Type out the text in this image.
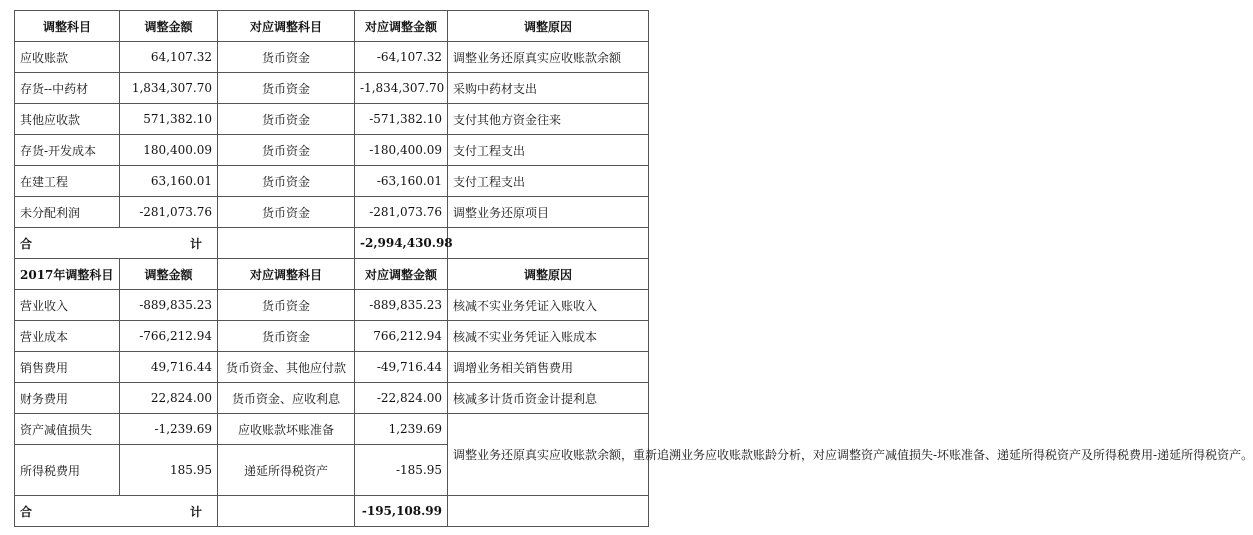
调整科目	调整金额	对应调整科目	对应调整金额	调整原因
应收账款	64,107.32	货币资金	-64,107.32	调整业务还原真实应收账款余额
存货--中药材	1,834,307.70	货币资金	-1,834,307.70	采购中药材支出
其他应收款	571,382.10	货币资金	-571,382.10	支付其他方资金往来
存货-开发成本	180,400.09	货币资金	-180,400.09	支付工程支出
在建工程	63,160.01	货币资金	-63,160.01	支付工程支出
未分配利润	-281,073.76	货币资金	-281,073.76	调整业务还原项目

合 计			-2,994,430.98	
2017年调整科目	调整金额	对应调整科目	对应调整金额	调整原因
营业收入	-889,835.23	货币资金	-889,835.23	核减不实业务凭证入账收入
营业成本	-766,212.94	货币资金	766,212.94	核减不实业务凭证入账成本
销售费用	49,716.44	货币资金、其他应付款	-49,716.44	调增业务相关销售费用
财务费用	22,824.00	货币资金、应收利息	-22,824.00	核减多计货币资金计提利息
资产减值损失	-1,239.69	应收账款坏账准备	1,239.69	调整业务还原真实应收账款余额，重新追溯业务应收账款账龄分析，对应调整资产减值损失-坏账准备、递延所得税资产及所得税费用-递延所得税资产。
所得税费用	185.95	递延所得税资产	-185.95	

合 计			-195,108.99	
